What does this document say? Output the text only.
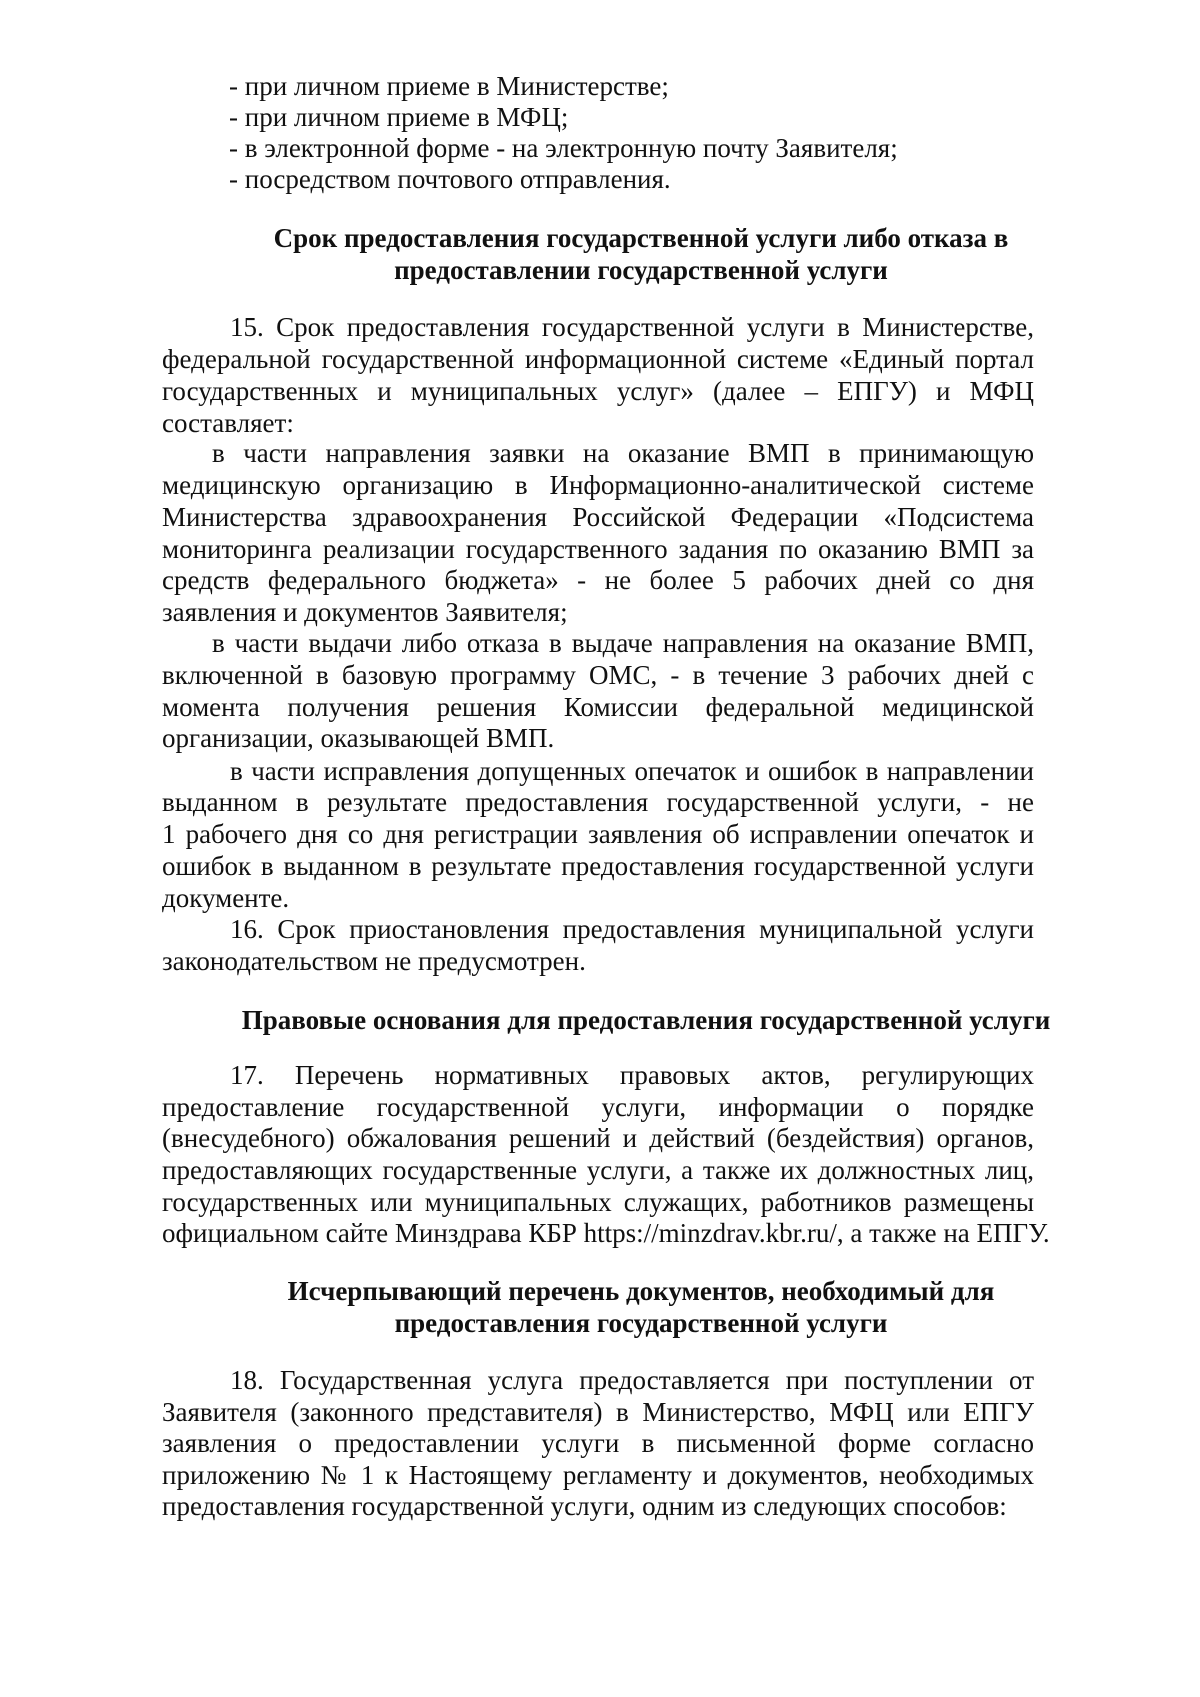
- при личном приеме в Министерстве;
- при личном приеме в МФЦ;
- в электронной форме - на электронную почту Заявителя;
- посредством почтового отправления.
Срок предоставления государственной услуги либо отказа в
предоставлении государственной услуги
15. Срок предоставления государственной услуги в Министерстве,
федеральной государственной информационной системе «Единый портал
государственных и муниципальных услуг» (далее – ЕПГУ) и МФЦ
составляет:
в части направления заявки на оказание ВМП в принимающую
медицинскую организацию в Информационно-аналитической системе
Министерства здравоохранения Российской Федерации «Подсистема
мониторинга реализации государственного задания по оказанию ВМП за
средств федерального бюджета» - не более 5 рабочих дней со дня
заявления и документов Заявителя;
в части выдачи либо отказа в выдаче направления на оказание ВМП,
включенной в базовую программу ОМС, - в течение 3 рабочих дней с
момента получения решения Комиссии федеральной медицинской
организации, оказывающей ВМП.
в части исправления допущенных опечаток и ошибок в направлении
выданном в результате предоставления государственной услуги, - не
1 рабочего дня со дня регистрации заявления об исправлении опечаток и
ошибок в выданном в результате предоставления государственной услуги
документе.
16. Срок приостановления предоставления муниципальной услуги
законодательством не предусмотрен.
Правовые основания для предоставления государственной услуги
17. Перечень нормативных правовых актов, регулирующих
предоставление государственной услуги, информации о порядке
(внесудебного) обжалования решений и действий (бездействия) органов,
предоставляющих государственные услуги, а также их должностных лиц,
государственных или муниципальных служащих, работников размещены
официальном сайте Минздрава КБР https://minzdrav.kbr.ru/, а также на ЕПГУ.
Исчерпывающий перечень документов, необходимый для
предоставления государственной услуги
18. Государственная услуга предоставляется при поступлении от
Заявителя (законного представителя) в Министерство, МФЦ или ЕПГУ
заявления о предоставлении услуги в письменной форме согласно
приложению № 1 к Настоящему регламенту и документов, необходимых
предоставления государственной услуги, одним из следующих способов:
